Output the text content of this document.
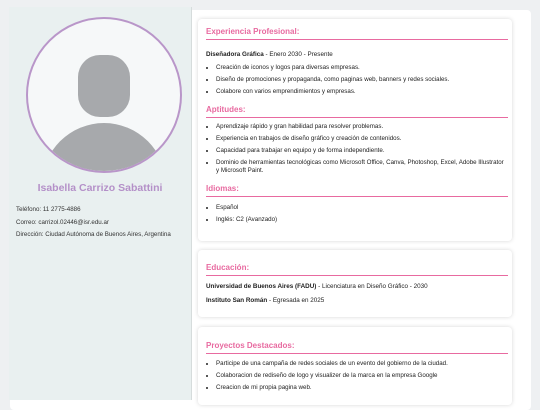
Isabella Carrizo Sabattini
Teléfono: 11 2775-4886
Correo: carrizol.02446@isr.edu.ar
Dirección: Ciudad Autónoma de Buenos Aires, Argentina
Experiencia Profesional:
Diseñadora Gráfica - Enero 2030 - Presente
• Creación de iconos y logos para diversas empresas.
• Diseño de promociones y propaganda, como paginas web, banners y redes sociales.
• Colabore con varios emprendimientos y empresas.
Aptitudes:
• Aprendizaje rápido y gran habilidad para resolver problemas.
• Experiencia en trabajos de diseño gráfico y creación de contenidos.
• Capacidad para trabajar en equipo y de forma independiente.
• Dominio de herramientas tecnológicas como Microsoft Office, Canva, Photoshop, Excel, Adobe Illustrator y Microsoft Paint.
Idiomas:
• Español
• Inglés: C2 (Avanzado)
Educación:
Universidad de Buenos Aires (FADU) - Licenciatura en Diseño Gráfico - 2030
Instituto San Román - Egresada en 2025
Proyectos Destacados:
• Participe de una campaña de redes sociales de un evento del gobierno de la ciudad.
• Colaboracion de rediseño de logo y visualizer de la marca en la empresa Google
• Creacion de mi propia pagina web.
